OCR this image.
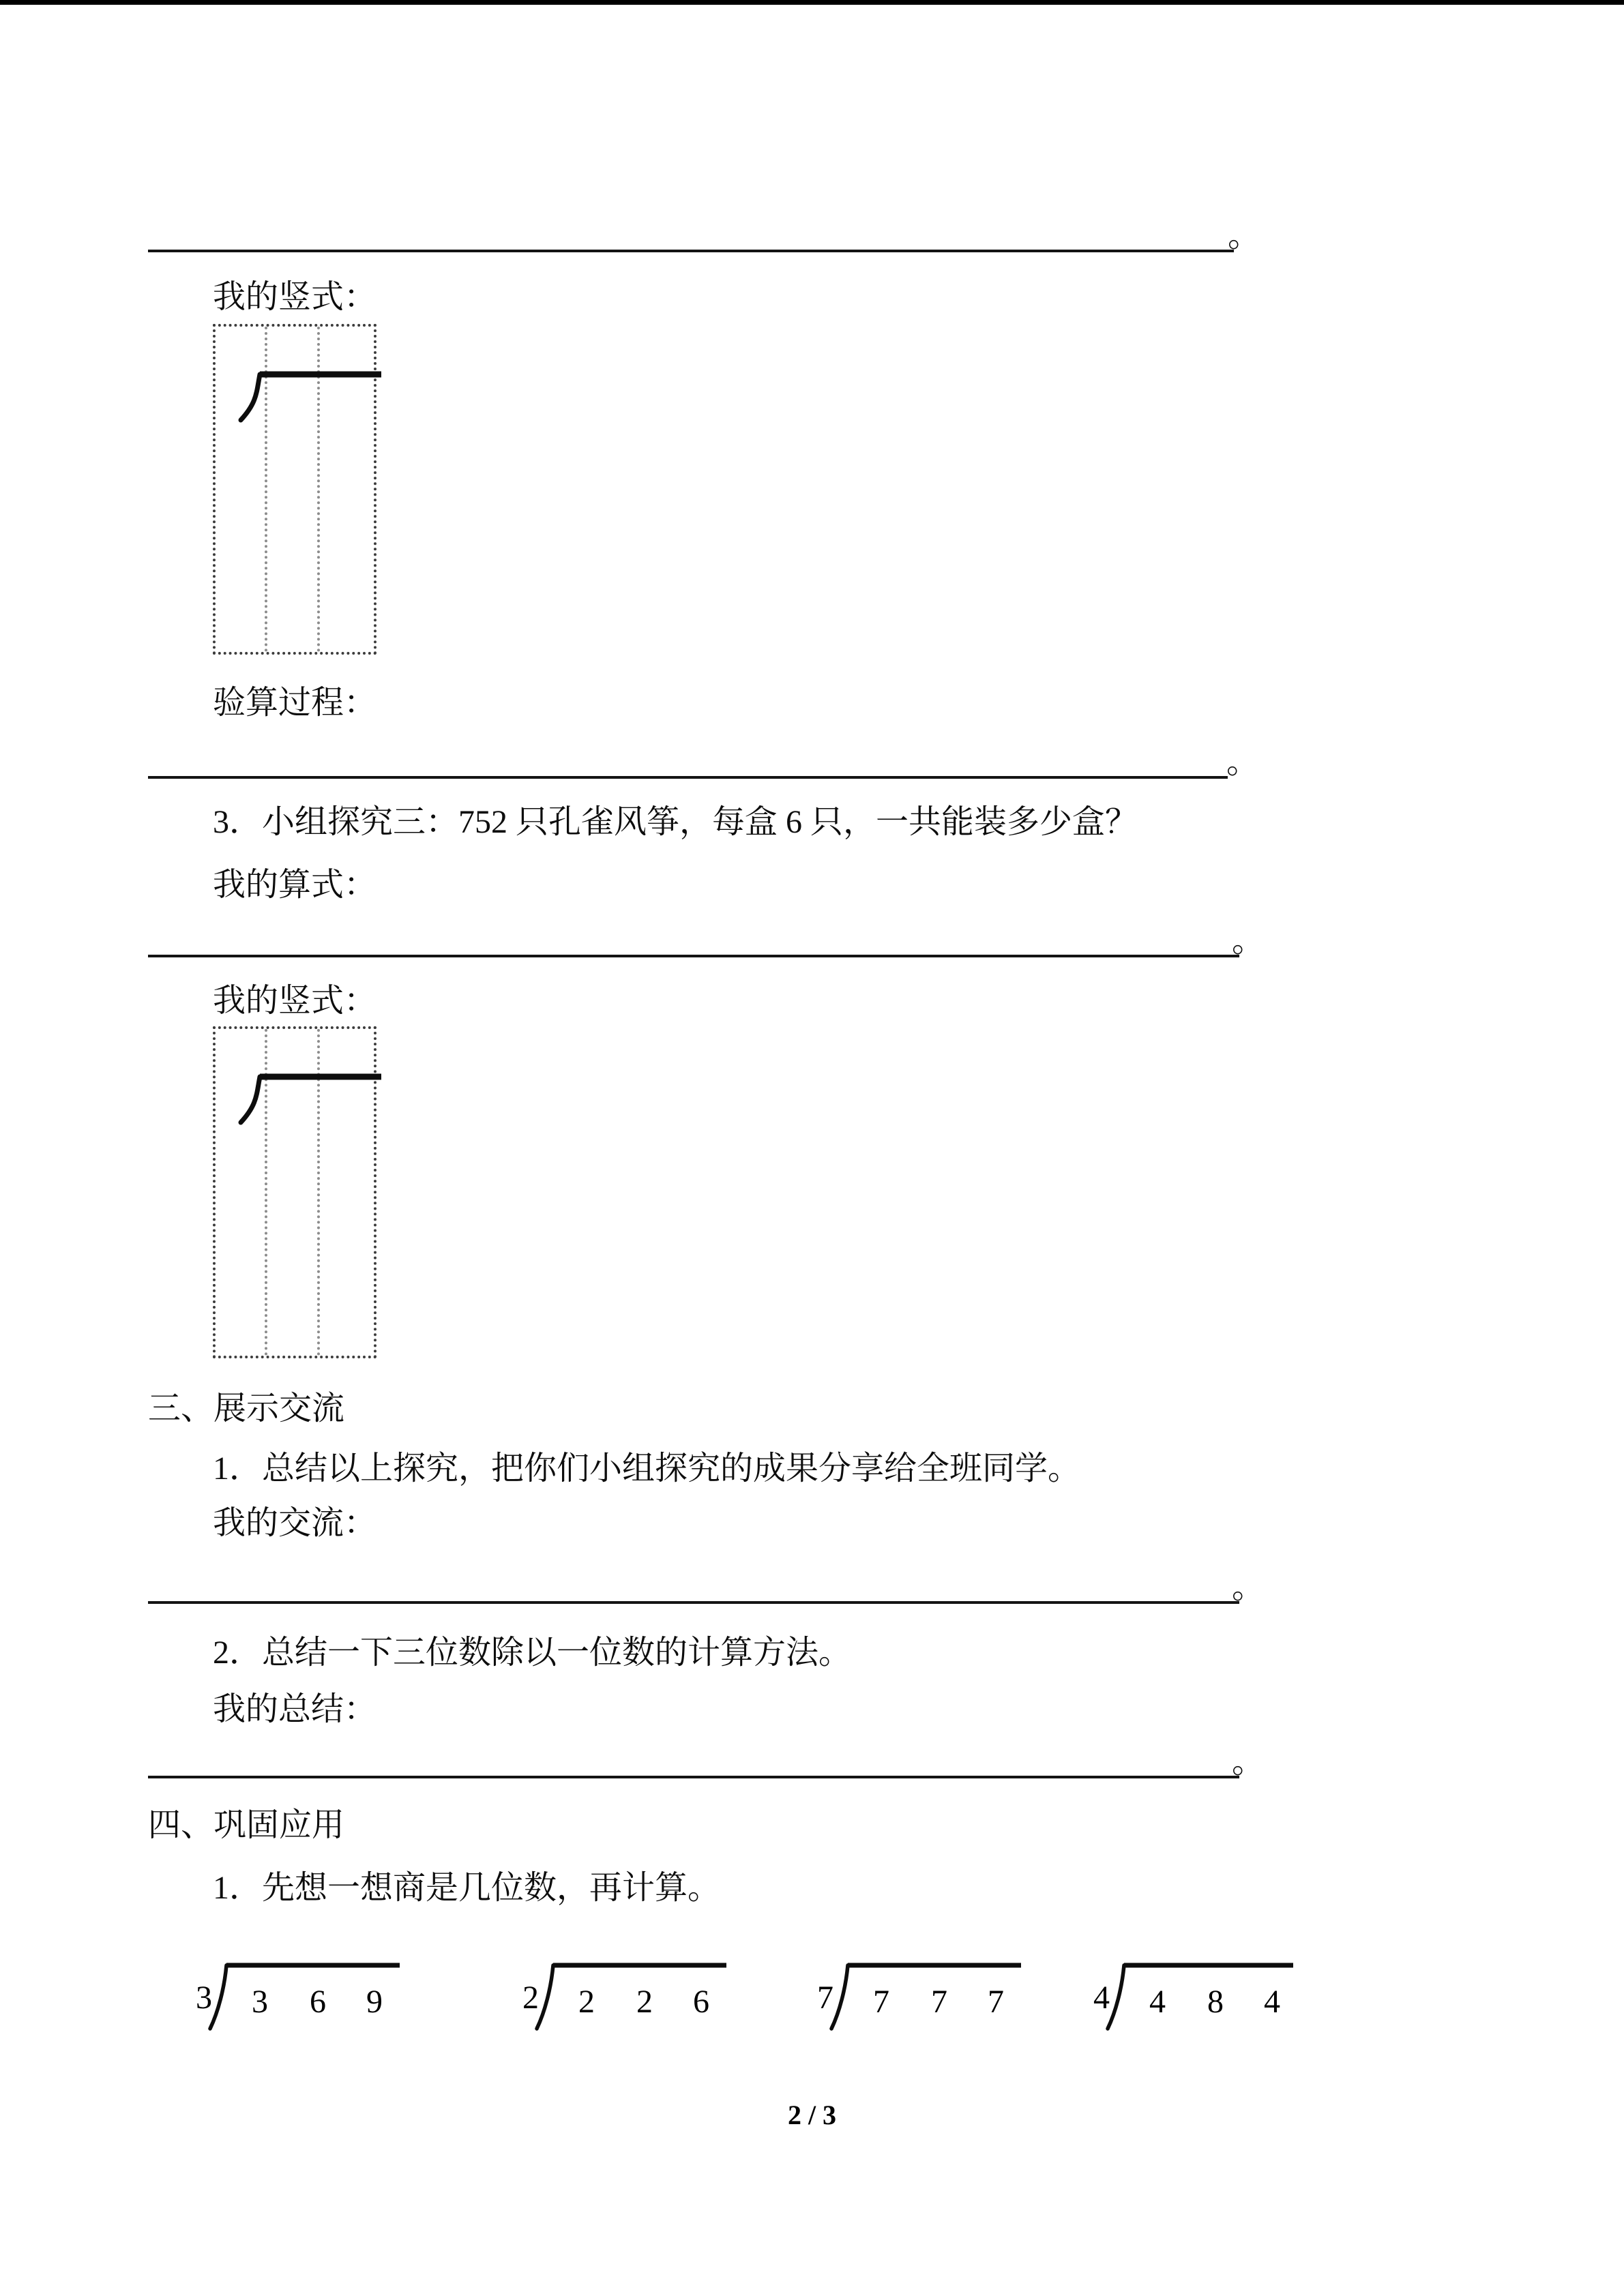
。
我的竖式：
验算过程：
。
3．小组探究三：752 只孔雀风筝，每盒 6 只，一共能装多少盒？
我的算式：
。
我的竖式：
三、展示交流
1．总结以上探究，把你们小组探究的成果分享给全班同学。
我的交流：
。
2．总结一下三位数除以一位数的计算方法。
我的总结：
。
四、巩固应用
1．先想一想商是几位数，再计算。
3 3 6 9	2 2 2 6	7 7 7 7	4 4 8 4
2 / 3
